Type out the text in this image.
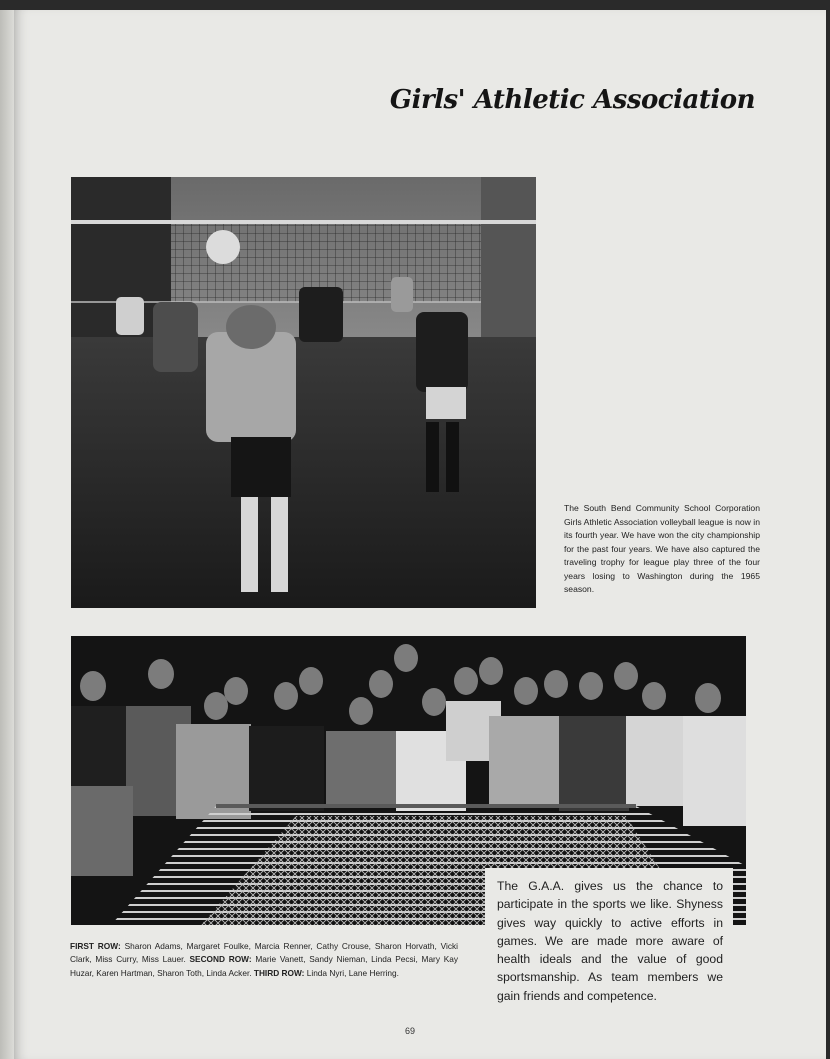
Girls' Athletic Association
The South Bend Community School Corporation Girls Athletic Association volleyball league is now in its fourth year. We have won the city championship for the past four years. We have also captured the traveling trophy for league play three of the four years losing to Washington during the 1965 season.
The G.A.A. gives us the chance to participate in the sports we like. Shyness gives way quickly to active efforts in games. We are made more aware of health ideals and the value of good sportsmanship. As team members we gain friends and competence.
FIRST ROW: Sharon Adams, Margaret Foulke, Marcia Renner, Cathy Crouse, Sharon Horvath, Vicki Clark, Miss Curry, Miss Lauer. SECOND ROW: Marie Vanett, Sandy Nieman, Linda Pecsi, Mary Kay Huzar, Karen Hartman, Sharon Toth, Linda Acker. THIRD ROW: Linda Nyri, Lane Herring.
69
